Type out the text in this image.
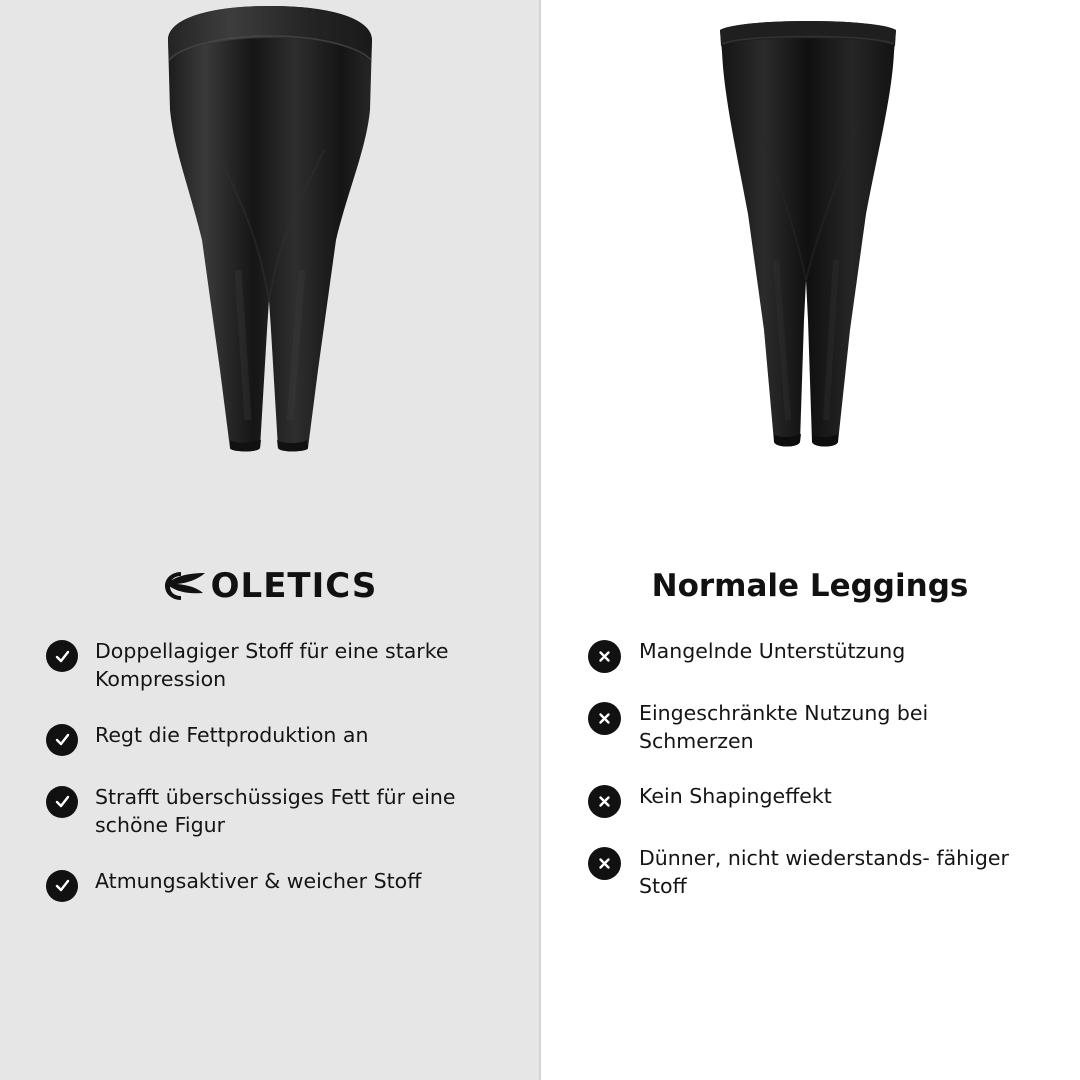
OLETICS
Doppellagiger Stoff für eine starke Kompression
Regt die Fettproduktion an
Strafft überschüssiges Fett für eine schöne Figur
Atmungsaktiver & weicher Stoff
Normale Leggings
Mangelnde Unterstützung
Eingeschränkte Nutzung bei Schmerzen
Kein Shapingeffekt
Dünner, nicht wiederstands- fähiger Stoff
